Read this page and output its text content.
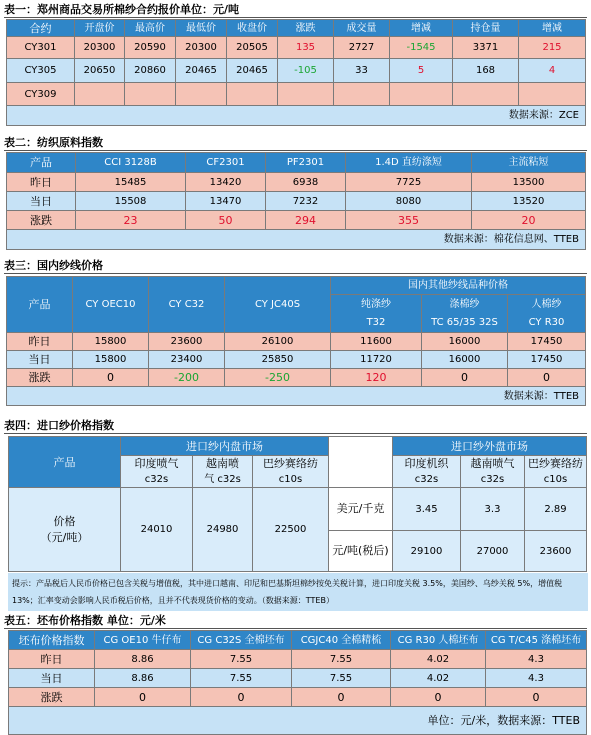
表一：郑州商品交易所棉纱合约报价单位：元/吨
合约	开盘价	最高价	最低价	收盘价	涨跌	成交量	增减	持仓量	增减
CY301	20300	20590	20300	20505	135	2727	-1545	3371	215
CY305	20650	20860	20465	20465	-105	33	5	168	4
CY309									
数据来源：ZCE									
表二：纺织原料指数
产品	CCI 3128B	CF2301	PF2301	1.4D 直纺涤短	主流粘短
昨日	15485	13420	6938	7725	13500
当日	15508	13470	7232	8080	13520
涨跌	23	50	294	355	20
数据来源：棉花信息网、TTEB					
表三：国内纱线价格
产品	CY OEC10	CY C32	CY JC40S	国内其他纱线品种价格		
				纯涤纱	涤棉纱	人棉纱
				T32	TC 65/35 32S	CY R30
昨日	15800	23600	26100	11600	16000	17450
当日	15800	23400	25850	11720	16000	17450
涨跌	0	-200	-250	120	0	0
数据来源：TTEB						
表四：进口纱价格指数
产品	进口纱内盘市场				进口纱外盘市场		
	印度喷气	越南喷	巴纱赛络纺		印度机织	越南喷气	巴纱赛络纺
	c32s	气 c32s	c10s		c32s	c32s	c10s

价格
（元/吨）	24010	24980	22500	美元/千克	3.45	3.3	2.89
				元/吨(税后)	29100	27000	23600
提示：产品税后人民币价格已包含关税与增值税，其中进口越南、印尼和巴基斯坦棉纱按免关税计算，进口印度关税 3.5%，美国纱、乌纱关税 5%，增值税13%；汇率变动会影响人民币税后价格，且并不代表现货价格的变动。（数据来源：TTEB）
表五：坯布价格指数 单位：元/米
坯布价格指数	CG OE10 牛仔布	CG C32S 全棉坯布	CGJC40 全棉精梳	CG R30 人棉坯布	CG T/C45 涤棉坯布
昨日	8.86	7.55	7.55	4.02	4.3
当日	8.86	7.55	7.55	4.02	4.3
涨跌	0	0	0	0	0
单位：元/米，数据来源：TTEB					
